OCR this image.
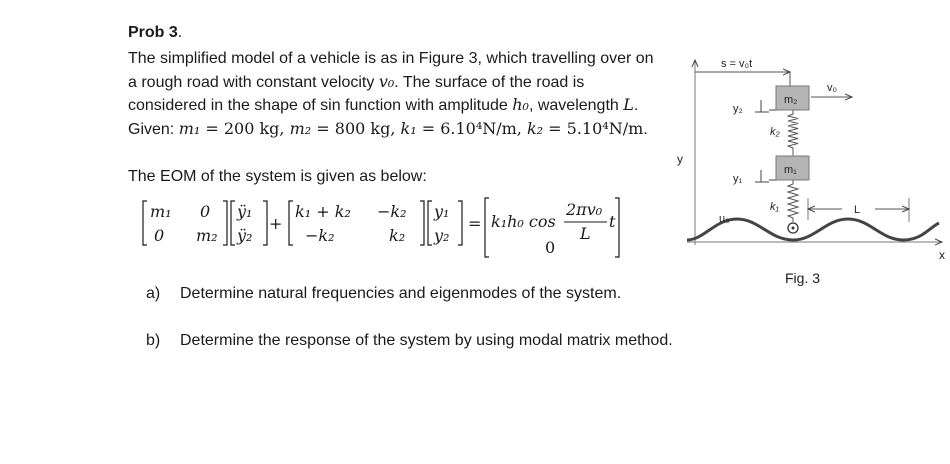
Prob 3.
The simplified model of a vehicle is as in Figure 3, which travelling over on a rough road with constant velocity v₀. The surface of the road is considered in the shape of sin function with amplitude h₀, wavelength L. Given: m₁ = 200 kg, m₂ = 800 kg, k₁ = 6.10⁴N/m, k₂ = 5.10⁴N/m.
The EOM of the system is given as below:
m₁ 0
0 m₂
ÿ₁
ÿ₂
k₁ + k₂ −k₂
−k₂	k₂
y₁
y₂
k₁h₀ cos
2πv₀
L
t
+	=
0
a) Determine natural frequencies and eigenmodes of the system.
b) Determine the response of the system by using modal matrix method.
y
x
s = v₀t
v₀
m₂
y₂
k₂
m₁
y₁
k₁
u₀
L
Fig. 3
